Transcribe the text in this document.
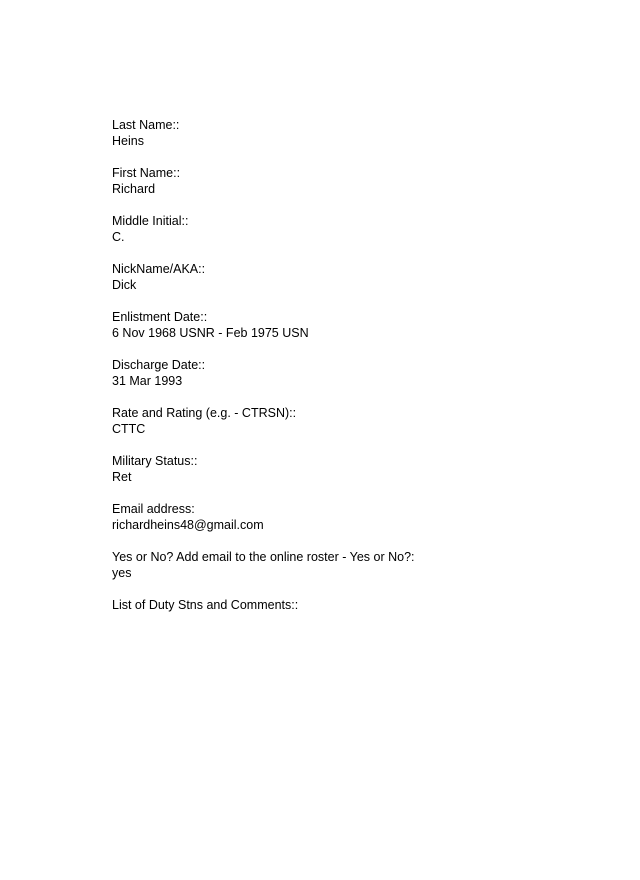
Last Name::
Heins
First Name::
Richard
Middle Initial::
C.
NickName/AKA::
Dick
Enlistment Date::
6 Nov 1968 USNR - Feb 1975 USN
Discharge Date::
31 Mar 1993
Rate and Rating (e.g. - CTRSN)::
CTTC
Military Status::
Ret
Email address:
richardheins48@gmail.com
Yes or No? Add email to the online roster - Yes or No?:
yes
List of Duty Stns and Comments::
